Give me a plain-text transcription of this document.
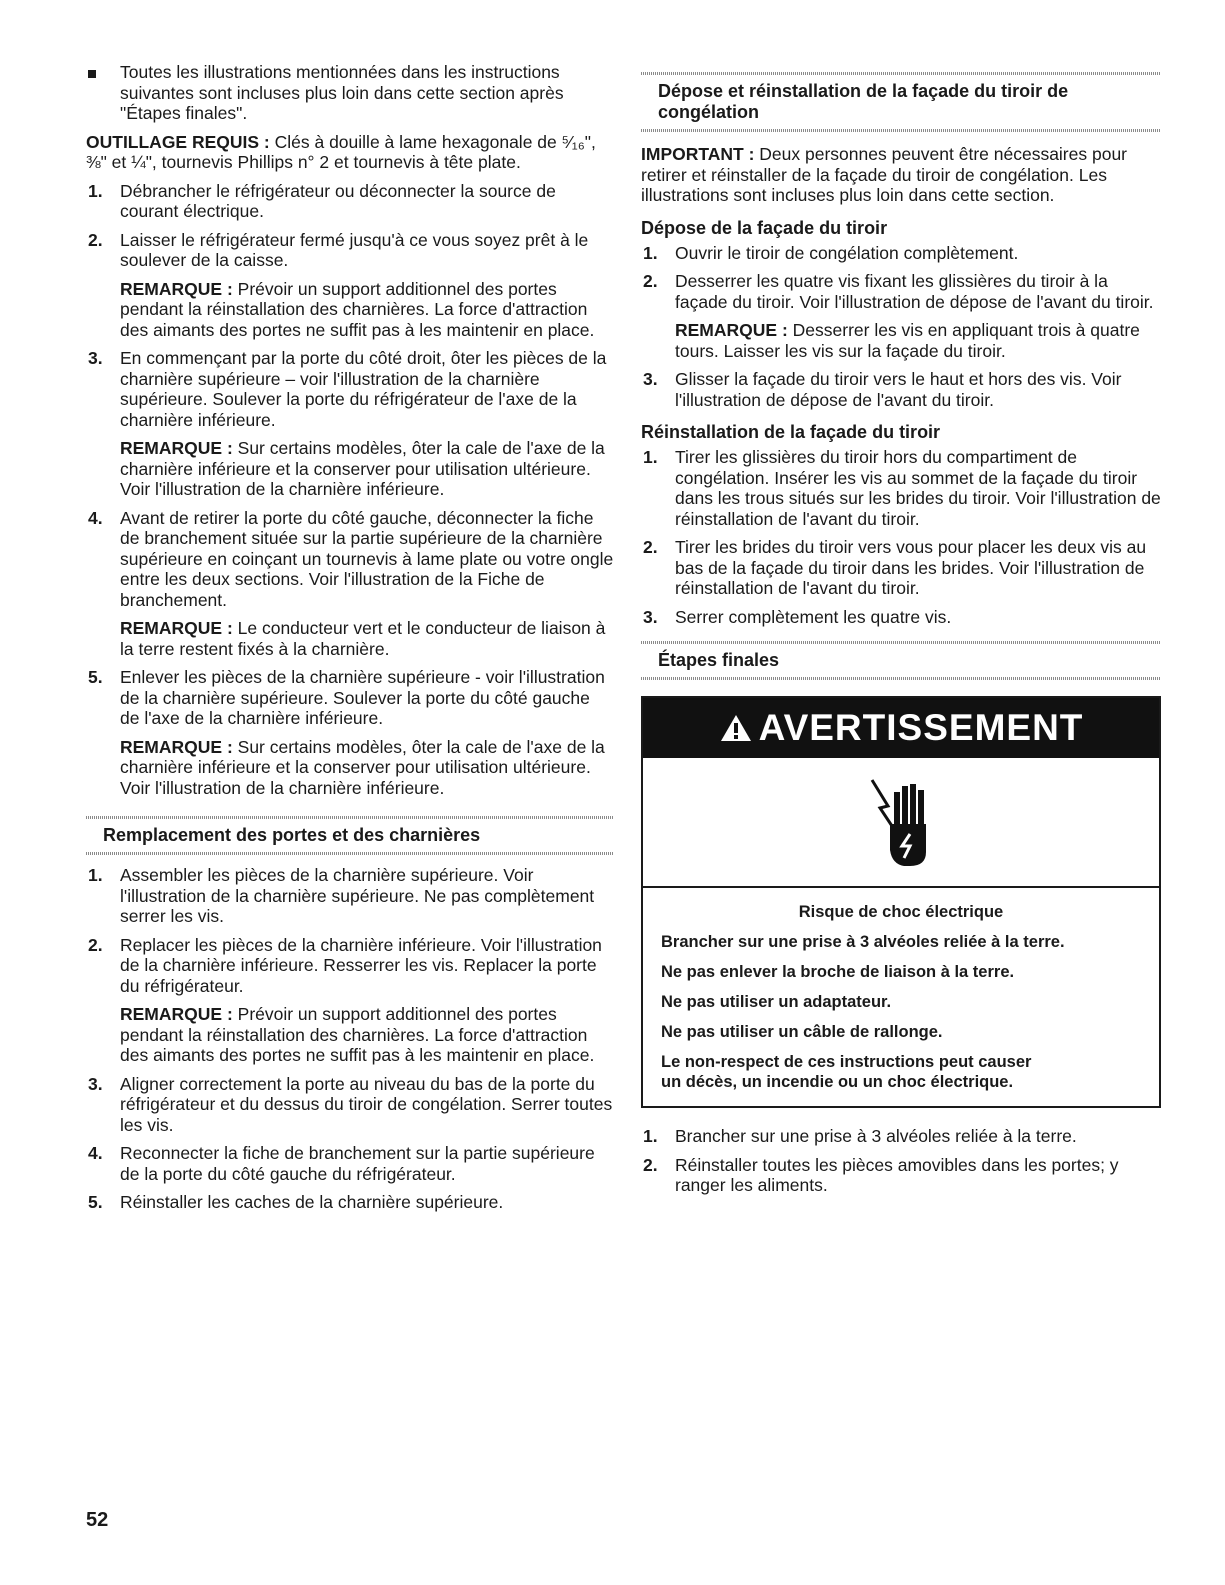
Toutes les illustrations mentionnées dans les instructions suivantes sont incluses plus loin dans cette section après "Étapes finales".

OUTILLAGE REQUIS : Clés à douille à lame hexagonale de ⁵⁄₁₆", ⅜" et ¼", tournevis Phillips n° 2 et tournevis à tête plate.

1. Débrancher le réfrigérateur ou déconnecter la source de courant électrique.
2. Laisser le réfrigérateur fermé jusqu'à ce vous soyez prêt à le soulever de la caisse.
REMARQUE : Prévoir un support additionnel des portes pendant la réinstallation des charnières. La force d'attraction des aimants des portes ne suffit pas à les maintenir en place.
3. En commençant par la porte du côté droit, ôter les pièces de la charnière supérieure – voir l'illustration de la charnière supérieure. Soulever la porte du réfrigérateur de l'axe de la charnière inférieure.
REMARQUE : Sur certains modèles, ôter la cale de l'axe de la charnière inférieure et la conserver pour utilisation ultérieure. Voir l'illustration de la charnière inférieure.
4. Avant de retirer la porte du côté gauche, déconnecter la fiche de branchement située sur la partie supérieure de la charnière supérieure en coinçant un tournevis à lame plate ou votre ongle entre les deux sections. Voir l'illustration de la Fiche de branchement.
REMARQUE : Le conducteur vert et le conducteur de liaison à la terre restent fixés à la charnière.
5. Enlever les pièces de la charnière supérieure - voir l'illustration de la charnière supérieure. Soulever la porte du côté gauche de l'axe de la charnière inférieure.
REMARQUE : Sur certains modèles, ôter la cale de l'axe de la charnière inférieure et la conserver pour utilisation ultérieure. Voir l'illustration de la charnière inférieure.
Remplacement des portes et des charnières
1. Assembler les pièces de la charnière supérieure. Voir l'illustration de la charnière supérieure. Ne pas complètement serrer les vis.
2. Replacer les pièces de la charnière inférieure. Voir l'illustration de la charnière inférieure. Resserrer les vis. Replacer la porte du réfrigérateur.
REMARQUE : Prévoir un support additionnel des portes pendant la réinstallation des charnières. La force d'attraction des aimants des portes ne suffit pas à les maintenir en place.
3. Aligner correctement la porte au niveau du bas de la porte du réfrigérateur et du dessus du tiroir de congélation. Serrer toutes les vis.
4. Reconnecter la fiche de branchement sur la partie supérieure de la porte du côté gauche du réfrigérateur.
5. Réinstaller les caches de la charnière supérieure.
Dépose et réinstallation de la façade du tiroir de congélation

IMPORTANT : Deux personnes peuvent être nécessaires pour retirer et réinstaller de la façade du tiroir de congélation. Les illustrations sont incluses plus loin dans cette section.

Dépose de la façade du tiroir
1. Ouvrir le tiroir de congélation complètement.
2. Desserrer les quatre vis fixant les glissières du tiroir à la façade du tiroir. Voir l'illustration de dépose de l'avant du tiroir.
REMARQUE : Desserrer les vis en appliquant trois à quatre tours. Laisser les vis sur la façade du tiroir.
3. Glisser la façade du tiroir vers le haut et hors des vis. Voir l'illustration de dépose de l'avant du tiroir.
Réinstallation de la façade du tiroir
1. Tirer les glissières du tiroir hors du compartiment de congélation. Insérer les vis au sommet de la façade du tiroir dans les trous situés sur les brides du tiroir. Voir l'illustration de réinstallation de l'avant du tiroir.
2. Tirer les brides du tiroir vers vous pour placer les deux vis au bas de la façade du tiroir dans les brides. Voir l'illustration de réinstallation de l'avant du tiroir.
3. Serrer complètement les quatre vis.
Étapes finales
AVERTISSEMENT
Risque de choc électrique
Brancher sur une prise à 3 alvéoles reliée à la terre.
Ne pas enlever la broche de liaison à la terre.
Ne pas utiliser un adaptateur.
Ne pas utiliser un câble de rallonge.
Le non-respect de ces instructions peut causer un décès, un incendie ou un choc électrique.
1. Brancher sur une prise à 3 alvéoles reliée à la terre.
2. Réinstaller toutes les pièces amovibles dans les portes; y ranger les aliments.
52
